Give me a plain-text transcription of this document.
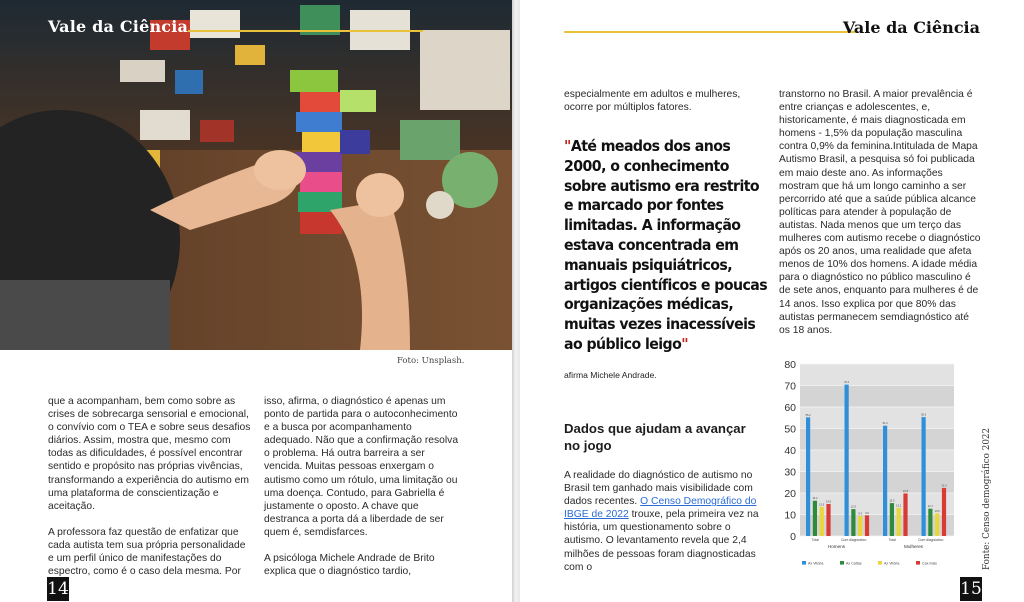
Vale da Ciência
Foto: Unsplash.

que a acompanham, bem como sobre as crises de sobrecarga sensorial e emocional, o convívio com o TEA e sobre seus desafios diários. Assim, mostra que, mesmo com todas as dificuldades, é possível encontrar sentido e propósito nas próprias vivências, transformando a experiência do autismo em uma plataforma de conscientização e aceitação.

A professora faz questão de enfatizar que cada autista tem sua própria personalidade e um perfil único de manifestações do espectro, como é o caso dela mesma. Por

isso, afirma, o diagnóstico é apenas um ponto de partida para o autoconhecimento e a busca por acompanhamento adequado. Não que a confirmação resolva o problema. Há outra barreira a ser vencida. Muitas pessoas enxergam o autismo como um rótulo, uma limitação ou uma doença. Contudo, para Gabriella é justamente o oposto. A chave que destranca a porta dá a liberdade de ser quem é, semdisfarces.

A psicóloga Michele Andrade de Brito explica que o diagnóstico tardio,

14
Vale da Ciência

especialmente em adultos e mulheres, ocorre por múltiplos fatores.

"Até meados dos anos 2000, o conhecimento sobre autismo era restrito e marcado por fontes limitadas. A informação estava concentrada em manuais psiquiátricos, artigos científicos e poucas organizações médicas, muitas vezes inacessíveis ao público leigo"
afirma Michele Andrade.
Dados que ajudam a avançar no jogo

A realidade do diagnóstico de autismo no Brasil tem ganhado mais visibilidade com dados recentes. O Censo Demográfico do IBGE de 2022 trouxe, pela primeira vez na história, um questionamento sobre o autismo. O levantamento revela que 2,4 milhões de pessoas foram diagnosticadas com o

transtorno no Brasil. A maior prevalência é entre crianças e adolescentes, e, historicamente, é mais diagnosticada em homens - 1,5% da população masculina contra 0,9% da feminina.Intitulada de Mapa Autismo Brasil, a pesquisa só foi publicada em maio deste ano. As informações mostram que há um longo caminho a ser percorrido até que a saúde pública alcance políticas para atender à população de autistas. Nada menos que um terço das mulheres com autismo recebe o diagnóstico após os 20 anos, uma realidade que afeta menos de 10% dos homens. A idade média para o diagnóstico no público masculino é de sete anos, enquanto para mulheres é de 14 anos. Isso explica por que 80% das autistas permanecem semdiagnóstico até os 18 anos.

0
10
20
30
40
50
60
70
80
55.2
16.4
13.5
14.9
Total
70.4
12.5
9.3 9.6
Com diagnóstico
51.3
15.3
13.1
19.8
Total
55.3
12.7
10.5
22.3
Com diagnóstico
Homens	Mulheres
Ax Vitória	Ax Cattas	Ax Vitória	Cax mais	Fonte: Censo demográfico 2022
15
